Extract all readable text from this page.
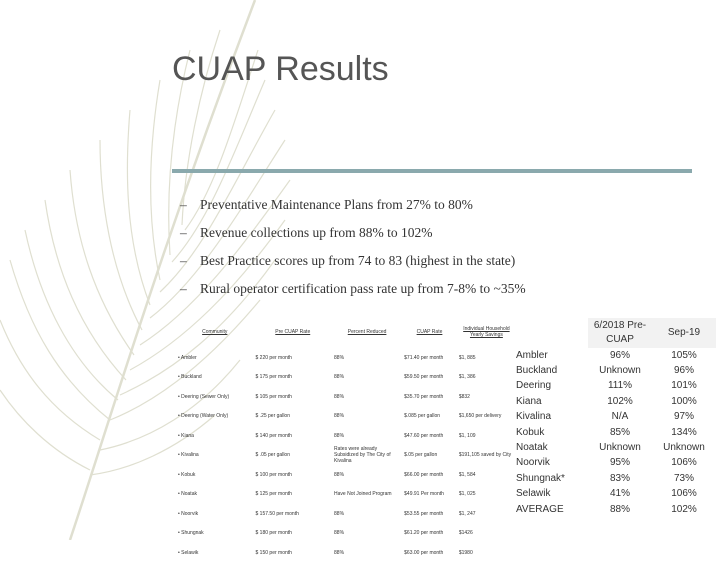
CUAP Results
– Preventative Maintenance Plans from 27% to 80%
– Revenue collections up from 88% to 102%
– Best Practice scores up from 74 to 83 (highest in the state)
– Rural operator certification pass rate up from 7-8% to ~35%
Community	Pre CUAP Rate	Percent Reduced	CUAP Rate	Individual Household Yearly Savings
• Ambler	$ 220 per month	88%	$71.40 per month	$1, 885
• Buckland	$ 175 per month	88%	$59.50 per month	$1, 386
• Deering (Sewer Only)	$ 105 per month	88%	$35.70 per month	$832
• Deering (Water Only)	$ .25 per gallon	88%	$.085 per gallon	$1,650 per delivery
• Kiana	$ 140 per month	88%	$47.60 per month	$1, 109
• Kivalina	$ .05 per gallon	Rates were already Subsidized by The City of Kivalina	$.05 per gallon	$191,105 saved by City
• Kobuk	$ 100 per month	88%	$66.00 per month	$1, 584
• Noatak	$ 125 per month	Have Not Joined Program	$49.91 Per month	$1, 025
• Noorvik	$ 157.50 per month	88%	$53.55 per month	$1, 247
• Shungnak	$ 180 per month	88%	$61.20 per month	$1426
• Selawik	$ 150 per month	88%	$63.00 per month	$1980
	6/2018 Pre-CUAP	Sep-19
Ambler	96%	105%
Buckland	Unknown	96%
Deering	111%	101%
Kiana	102%	100%
Kivalina	N/A	97%
Kobuk	85%	134%
Noatak	Unknown	Unknown
Noorvik	95%	106%
Shungnak*	83%	73%
Selawik	41%	106%
AVERAGE	88%	102%
